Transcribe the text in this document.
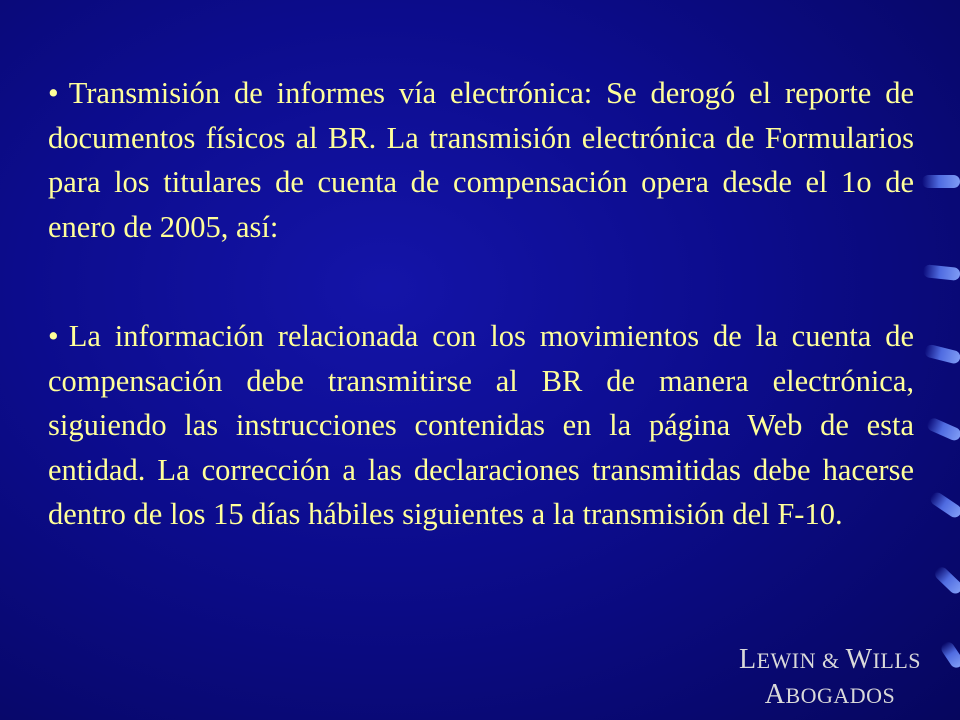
• Transmisión de informes vía electrónica: Se derogó el reporte de documentos físicos al BR. La transmisión electrónica de Formularios para los titulares de cuenta de compensación opera desde el 1o de enero de 2005, así:

• La información relacionada con los movimientos de la cuenta de compensación debe transmitirse al BR de manera electrónica, siguiendo las instrucciones contenidas en la página Web de esta entidad. La corrección a las declaraciones transmitidas debe hacerse dentro de los 15 días hábiles siguientes a la transmisión del F-10.

LEWIN & WILLS
ABOGADOS
